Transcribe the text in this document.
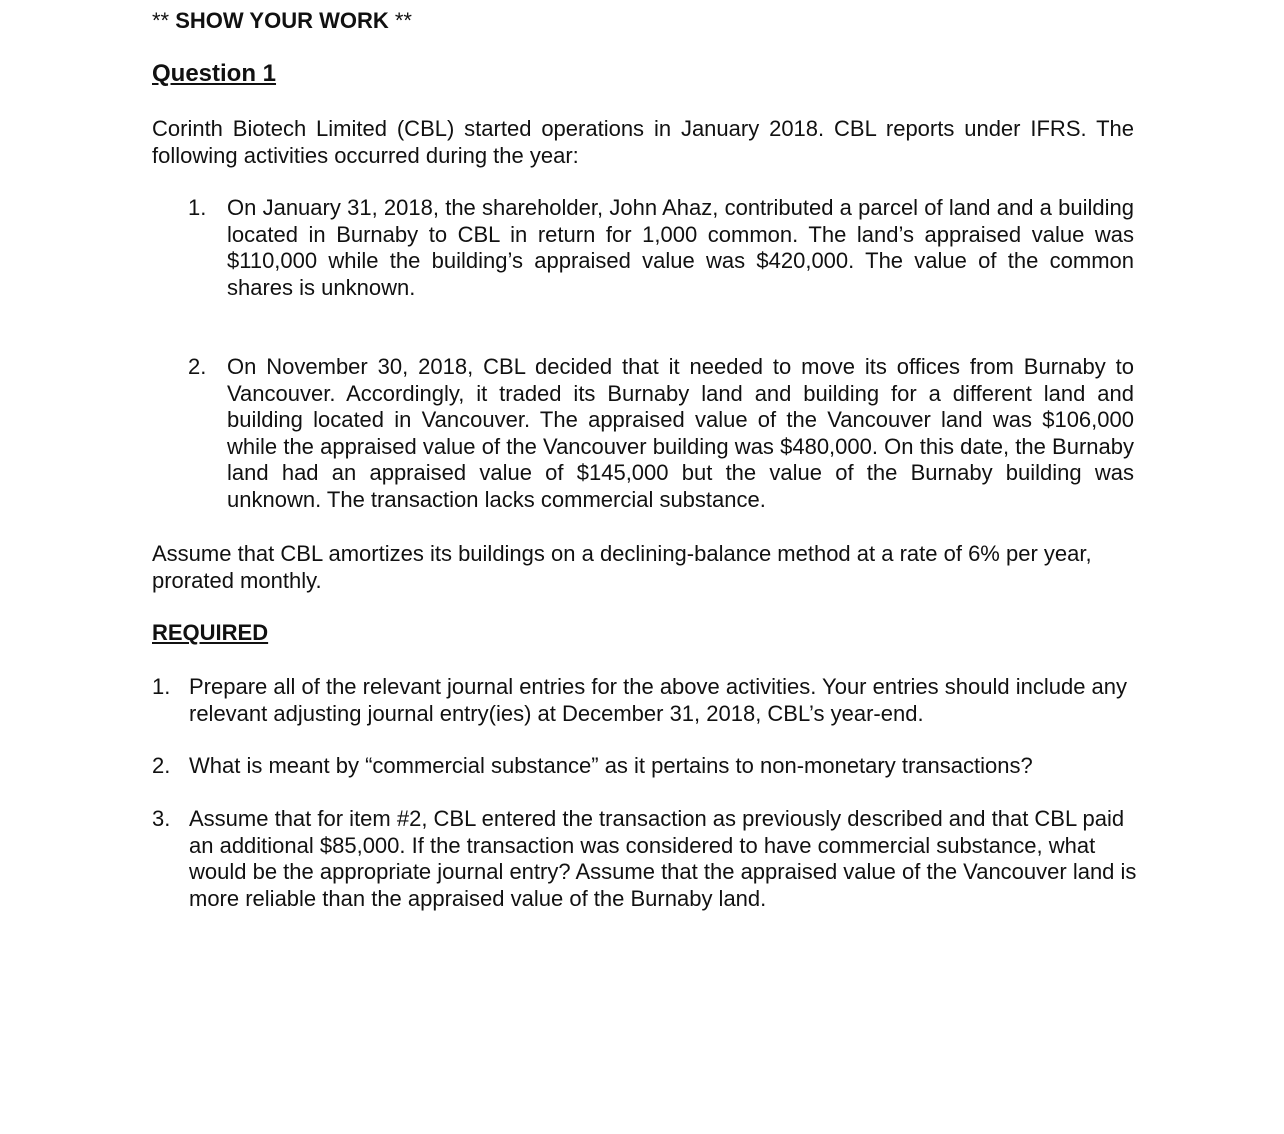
** SHOW YOUR WORK **
Question 1
Corinth Biotech Limited (CBL) started operations in January 2018. CBL reports under IFRS. The following activities occurred during the year:
1. On January 31, 2018, the shareholder, John Ahaz, contributed a parcel of land and a building located in Burnaby to CBL in return for 1,000 common. The land’s appraised value was $110,000 while the building’s appraised value was $420,000. The value of the common shares is unknown.
2. On November 30, 2018, CBL decided that it needed to move its offices from Burnaby to Vancouver. Accordingly, it traded its Burnaby land and building for a different land and building located in Vancouver. The appraised value of the Vancouver land was $106,000 while the appraised value of the Vancouver building was $480,000. On this date, the Burnaby land had an appraised value of $145,000 but the value of the Burnaby building was unknown. The transaction lacks commercial substance.
Assume that CBL amortizes its buildings on a declining-balance method at a rate of 6% per year, prorated monthly.
REQUIRED
1. Prepare all of the relevant journal entries for the above activities. Your entries should include any relevant adjusting journal entry(ies) at December 31, 2018, CBL’s year-end.
2. What is meant by “commercial substance” as it pertains to non-monetary transactions?
3. Assume that for item #2, CBL entered the transaction as previously described and that CBL paid an additional $85,000. If the transaction was considered to have commercial substance, what would be the appropriate journal entry? Assume that the appraised value of the Vancouver land is more reliable than the appraised value of the Burnaby land.
